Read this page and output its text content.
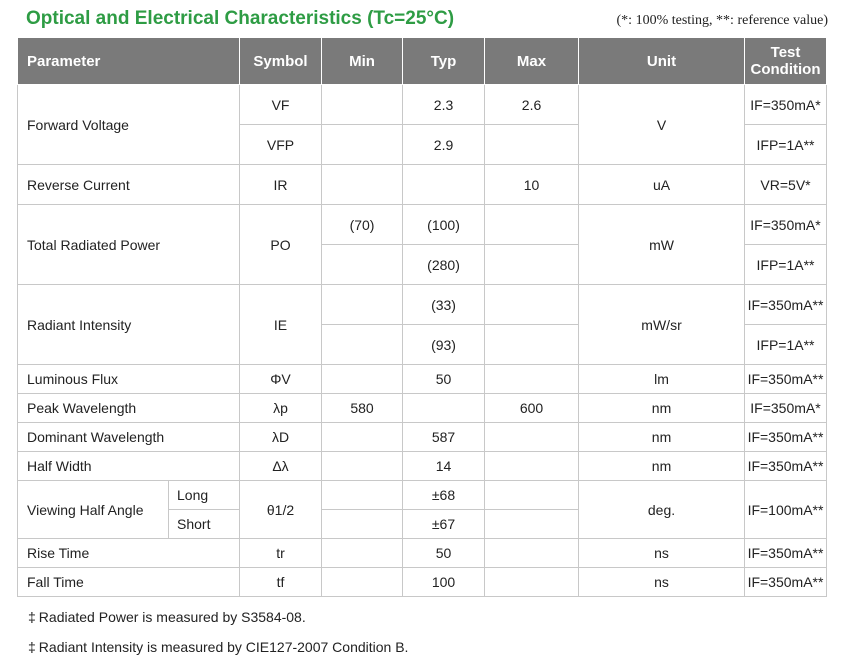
Optical and Electrical Characteristics (Tc=25°C)	(*: 100% testing, **: reference value)
Parameter		Symbol	Min	Typ	Max	Unit	Test Condition
Forward Voltage		VF		2.3	2.6	V	IF=350mA*
		VFP		2.9			IFP=1A**
Reverse Current		IR			10	uA	VR=5V*
Total Radiated Power		PO	(70)	(100)		mW	IF=350mA*
				(280)			IFP=1A**
Radiant Intensity		IE		(33)		mW/sr	IF=350mA**
				(93)			IFP=1A**
Luminous Flux		ΦV		50		lm	IF=350mA**
Peak Wavelength		λp	580		600	nm	IF=350mA*
Dominant Wavelength		λD		587		nm	IF=350mA**
Half Width		Δλ		14		nm	IF=350mA**
Viewing Half Angle	Long	θ1/2		±68		deg.	IF=100mA**
	Short			±67			
Rise Time		tr		50		ns	IF=350mA**
Fall Time		tf		100		ns	IF=350mA**
‡ Radiated Power is measured by S3584-08.
‡ Radiant Intensity is measured by CIE127-2007 Condition B.
